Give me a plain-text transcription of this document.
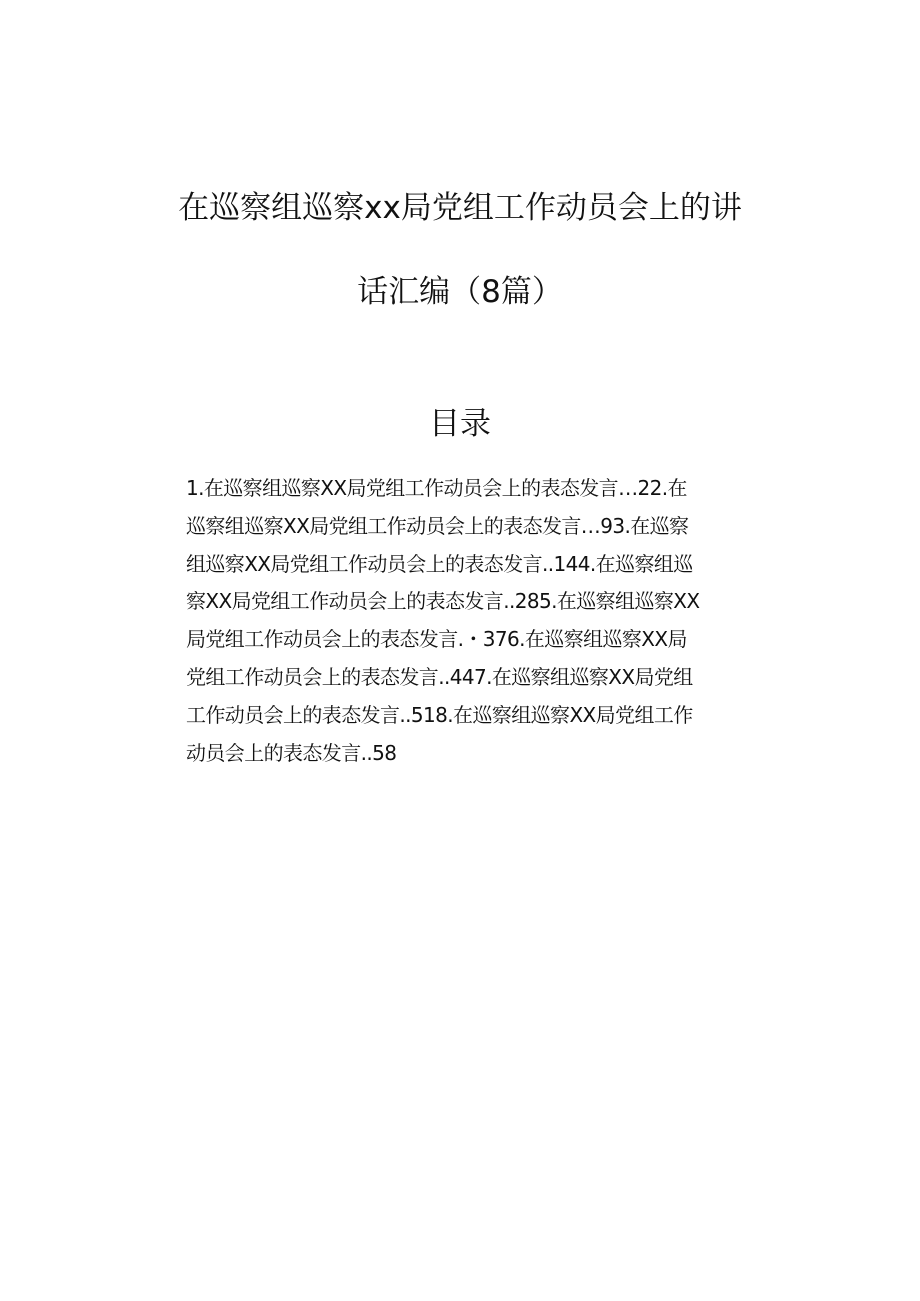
在巡察组巡察xx局党组工作动员会上的讲
话汇编（8篇）
目录
1.在巡察组巡察XX局党组工作动员会上的表态发言…22.在
巡察组巡察XX局党组工作动员会上的表态发言…93.在巡察
组巡察XX局党组工作动员会上的表态发言..144.在巡察组巡
察XX局党组工作动员会上的表态发言..285.在巡察组巡察XX
局党组工作动员会上的表态发言.・376.在巡察组巡察XX局
党组工作动员会上的表态发言..447.在巡察组巡察XX局党组
工作动员会上的表态发言..518.在巡察组巡察XX局党组工作
动员会上的表态发言..58
